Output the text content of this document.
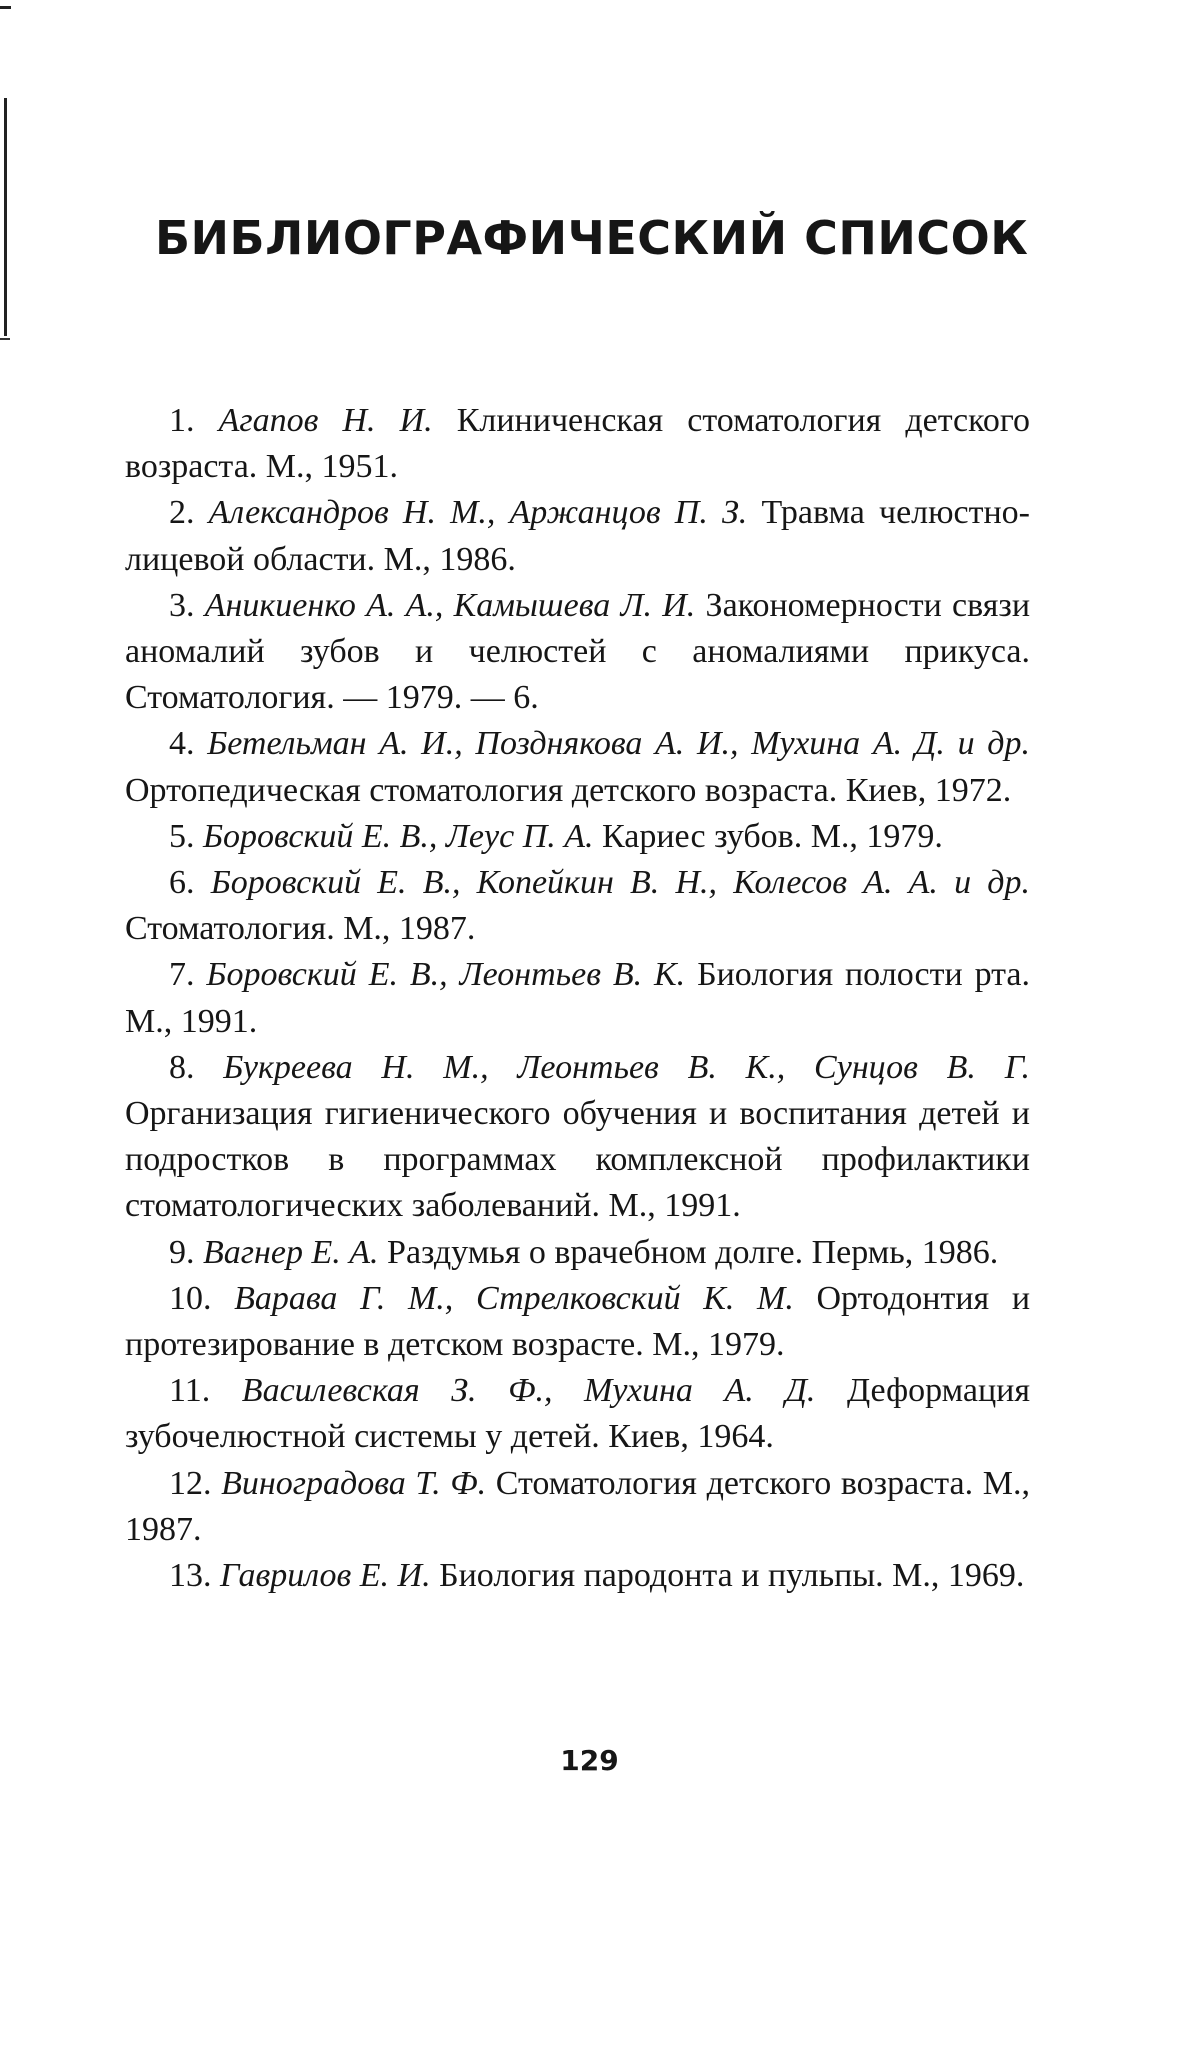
БИБЛИОГРАФИЧЕСКИЙ СПИСОК
1. Агапов Н. И. Клиниченская стоматология детского возраста. М., 1951.
2. Александров Н. М., Аржанцов П. З. Травма челюстно-лицевой области. М., 1986.
3. Аникиенко А. А., Камышева Л. И. Закономерности связи аномалий зубов и челюстей с аномалиями прикуса. Стоматология. — 1979. — 6.
4. Бетельман А. И., Позднякова А. И., Мухина А. Д. и др. Ортопедическая стоматология детского возраста. Киев, 1972.
5. Боровский Е. В., Леус П. А. Кариес зубов. М., 1979.
6. Боровский Е. В., Копейкин В. Н., Колесов А. А. и др. Стоматология. М., 1987.
7. Боровский Е. В., Леонтьев В. К. Биология полости рта. М., 1991.
8. Букреева Н. М., Леонтьев В. К., Сунцов В. Г. Организация гигиенического обучения и воспитания детей и подростков в программах комплексной профилактики стоматологических заболеваний. М., 1991.
9. Вагнер Е. А. Раздумья о врачебном долге. Пермь, 1986.
10. Варава Г. М., Стрелковский К. М. Ортодонтия и протезирование в детском возрасте. М., 1979.
11. Василевская З. Ф., Мухина А. Д. Деформация зубочелюстной системы у детей. Киев, 1964.
12. Виноградова Т. Ф. Стоматология детского возраста. М., 1987.
13. Гаврилов Е. И. Биология пародонта и пульпы. М., 1969.
129
